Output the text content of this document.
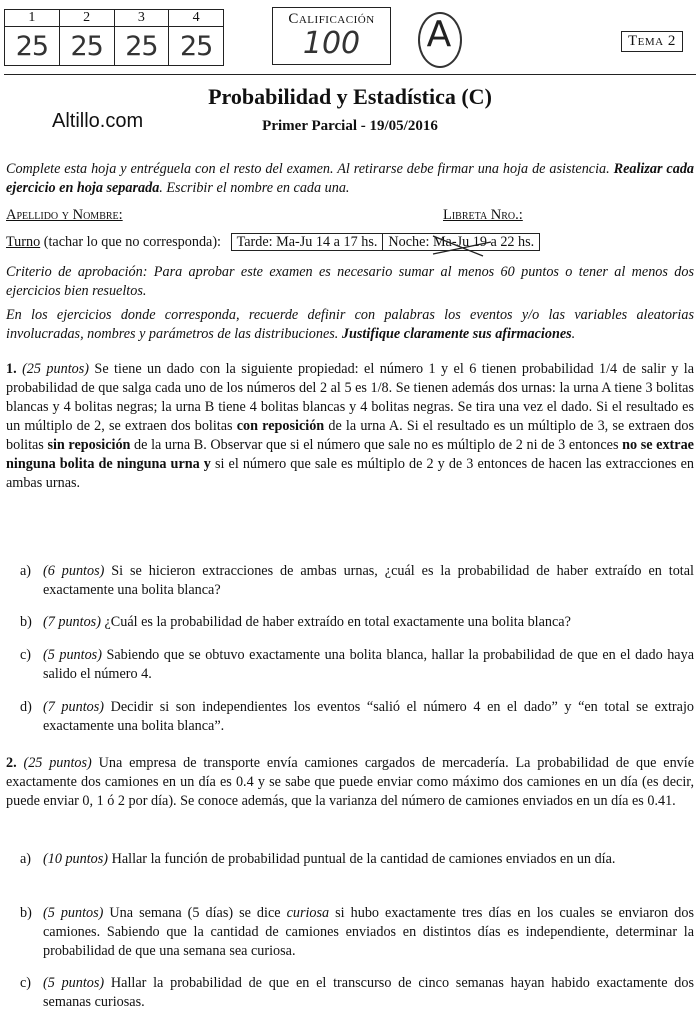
1	2	3	4
25	25	25	25
Calificación
100	A	Tema 2
Probabilidad y Estadística (C)
Altillo.com	Primer Parcial - 19/05/2016
Complete esta hoja y entréguela con el resto del examen. Al retirarse debe firmar una hoja de asistencia. Realizar cada ejercicio en hoja separada. Escribir el nombre en cada una.
Apellido y Nombre:	Libreta Nro.:
Turno (tachar lo que no corresponda): Tarde: Ma-Ju 14 a 17 hs. Noche: Ma-Ju 19 a 22 hs.
Criterio de aprobación: Para aprobar este examen es necesario sumar al menos 60 puntos o tener al menos dos ejercicios bien resueltos.
En los ejercicios donde corresponda, recuerde definir con palabras los eventos y/o las variables aleatorias involucradas, nombres y parámetros de las distribuciones. Justifique claramente sus afirmaciones.
1. (25 puntos) Se tiene un dado con la siguiente propiedad: el número 1 y el 6 tienen probabilidad 1/4 de salir y la probabilidad de que salga cada uno de los números del 2 al 5 es 1/8. Se tienen además dos urnas: la urna A tiene 3 bolitas blancas y 4 bolitas negras; la urna B tiene 4 bolitas blancas y 4 bolitas negras. Se tira una vez el dado. Si el resultado es un múltiplo de 2, se extraen dos bolitas con reposición de la urna A. Si el resultado es un múltiplo de 3, se extraen dos bolitas sin reposición de la urna B. Observar que si el número que sale no es múltiplo de 2 ni de 3 entonces no se extrae ninguna bolita de ninguna urna y si el número que sale es múltiplo de 2 y de 3 entonces de hacen las extracciones en ambas urnas.
a) (6 puntos) Si se hicieron extracciones de ambas urnas, ¿cuál es la probabilidad de haber extraído en total exactamente una bolita blanca?
b) (7 puntos) ¿Cuál es la probabilidad de haber extraído en total exactamente una bolita blanca?
c) (5 puntos) Sabiendo que se obtuvo exactamente una bolita blanca, hallar la probabilidad de que en el dado haya salido el número 4.
d) (7 puntos) Decidir si son independientes los eventos “salió el número 4 en el dado” y “en total se extrajo exactamente una bolita blanca”.
2. (25 puntos) Una empresa de transporte envía camiones cargados de mercadería. La probabilidad de que envíe exactamente dos camiones en un día es 0.4 y se sabe que puede enviar como máximo dos camiones en un día (es decir, puede enviar 0, 1 ó 2 por día). Se conoce además, que la varianza del número de camiones enviados en un día es 0.41.
a) (10 puntos) Hallar la función de probabilidad puntual de la cantidad de camiones enviados en un día.
b) (5 puntos) Una semana (5 días) se dice curiosa si hubo exactamente tres días en los cuales se enviaron dos camiones. Sabiendo que la cantidad de camiones enviados en distintos días es independiente, determinar la probabilidad de que una semana sea curiosa.
c) (5 puntos) Hallar la probabilidad de que en el transcurso de cinco semanas hayan habido exactamente dos semanas curiosas.
